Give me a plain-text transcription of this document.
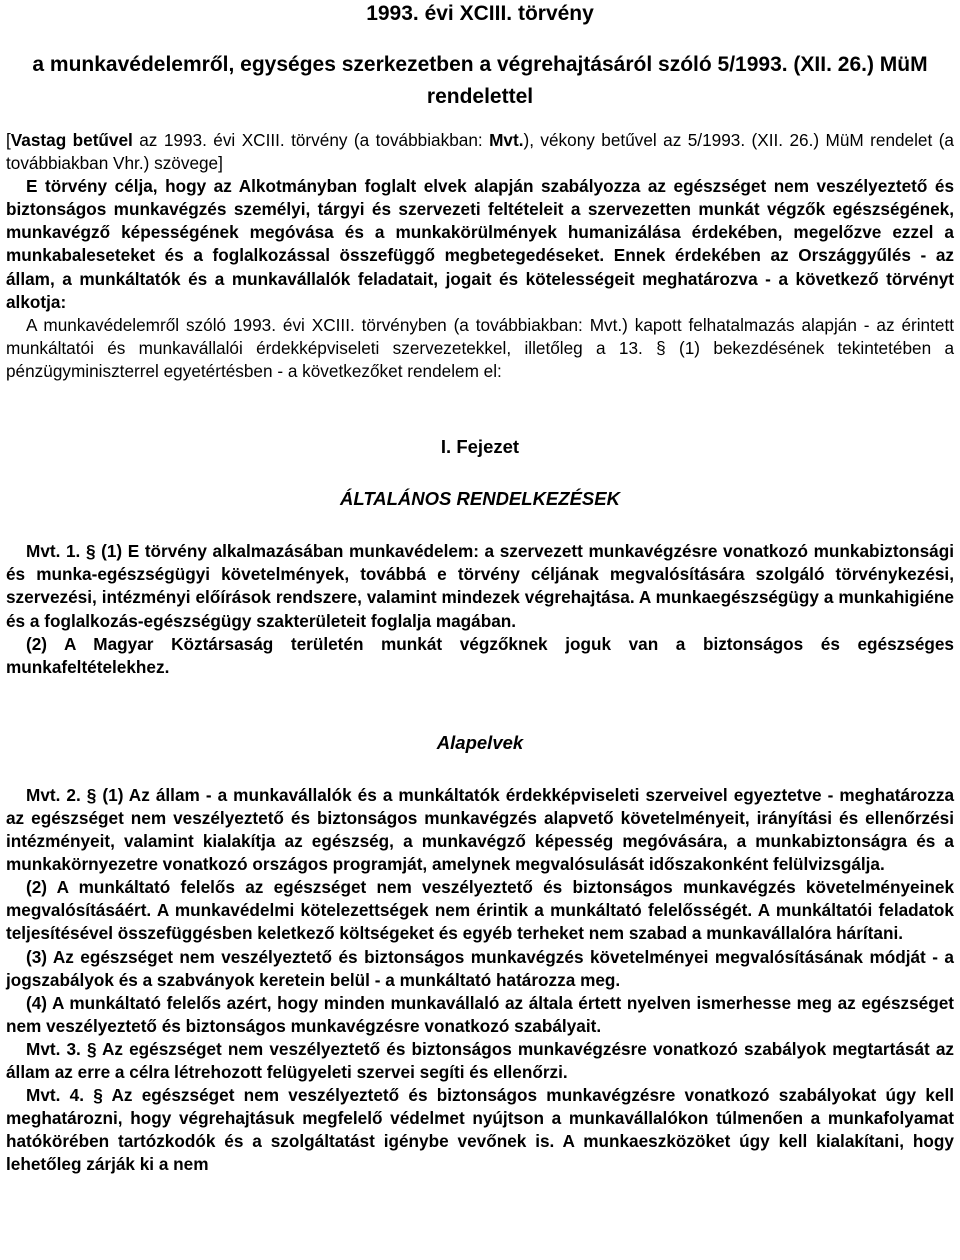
1993. évi XCIII. törvény
a munkavédelemről, egységes szerkezetben a végrehajtásáról szóló 5/1993. (XII. 26.) MüM rendelettel

[Vastag betűvel az 1993. évi XCIII. törvény (a továbbiakban: Mvt.), vékony betűvel az 5/1993. (XII. 26.) MüM rendelet (a továbbiakban Vhr.) szövege]

E törvény célja, hogy az Alkotmányban foglalt elvek alapján szabályozza az egészséget nem veszélyeztető és biztonságos munkavégzés személyi, tárgyi és szervezeti feltételeit a szervezetten munkát végzők egészségének, munkavégző képességének megóvása és a munkakörülmények humanizálása érdekében, megelőzve ezzel a munkabaleseteket és a foglalkozással összefüggő megbetegedéseket. Ennek érdekében az Országgyűlés - az állam, a munkáltatók és a munkavállalók feladatait, jogait és kötelességeit meghatározva - a következő törvényt alkotja:

A munkavédelemről szóló 1993. évi XCIII. törvényben (a továbbiakban: Mvt.) kapott felhatalmazás alapján - az érintett munkáltatói és munkavállalói érdekképviseleti szervezetekkel, illetőleg a 13. § (1) bekezdésének tekintetében a pénzügyminiszterrel egyetértésben - a következőket rendelem el:

I. Fejezet
ÁLTALÁNOS RENDELKEZÉSEK

Mvt. 1. § (1) E törvény alkalmazásában munkavédelem: a szervezett munkavégzésre vonatkozó munkabiztonsági és munka-egészségügyi követelmények, továbbá e törvény céljának megvalósítására szolgáló törvénykezési, szervezési, intézményi előírások rendszere, valamint mindezek végrehajtása. A munkaegészségügy a munkahigiéne és a foglalkozás-egészségügy szakterületeit foglalja magában.

(2) A Magyar Köztársaság területén munkát végzőknek joguk van a biztonságos és egészséges munkafeltételekhez.

Alapelvek

Mvt. 2. § (1) Az állam - a munkavállalók és a munkáltatók érdekképviseleti szerveivel egyeztetve - meghatározza az egészséget nem veszélyeztető és biztonságos munkavégzés alapvető követelményeit, irányítási és ellenőrzési intézményeit, valamint kialakítja az egészség, a munkavégző képesség megóvására, a munkabiztonságra és a munkakörnyezetre vonatkozó országos programját, amelynek megvalósulását időszakonként felülvizsgálja.

(2) A munkáltató felelős az egészséget nem veszélyeztető és biztonságos munkavégzés követelményeinek megvalósításáért. A munkavédelmi kötelezettségek nem érintik a munkáltató felelősségét. A munkáltatói feladatok teljesítésével összefüggésben keletkező költségeket és egyéb terheket nem szabad a munkavállalóra hárítani.

(3) Az egészséget nem veszélyeztető és biztonságos munkavégzés követelményei megvalósításának módját - a jogszabályok és a szabványok keretein belül - a munkáltató határozza meg.

(4) A munkáltató felelős azért, hogy minden munkavállaló az általa értett nyelven ismerhesse meg az egészséget nem veszélyeztető és biztonságos munkavégzésre vonatkozó szabályait.

Mvt. 3. § Az egészséget nem veszélyeztető és biztonságos munkavégzésre vonatkozó szabályok megtartását az állam az erre a célra létrehozott felügyeleti szervei segíti és ellenőrzi.

Mvt. 4. § Az egészséget nem veszélyeztető és biztonságos munkavégzésre vonatkozó szabályokat úgy kell meghatározni, hogy végrehajtásuk megfelelő védelmet nyújtson a munkavállalókon túlmenően a munkafolyamat hatókörében tartózkodók és a szolgáltatást igénybe vevőnek is. A munkaeszközöket úgy kell kialakítani, hogy lehetőleg zárják ki a nem
